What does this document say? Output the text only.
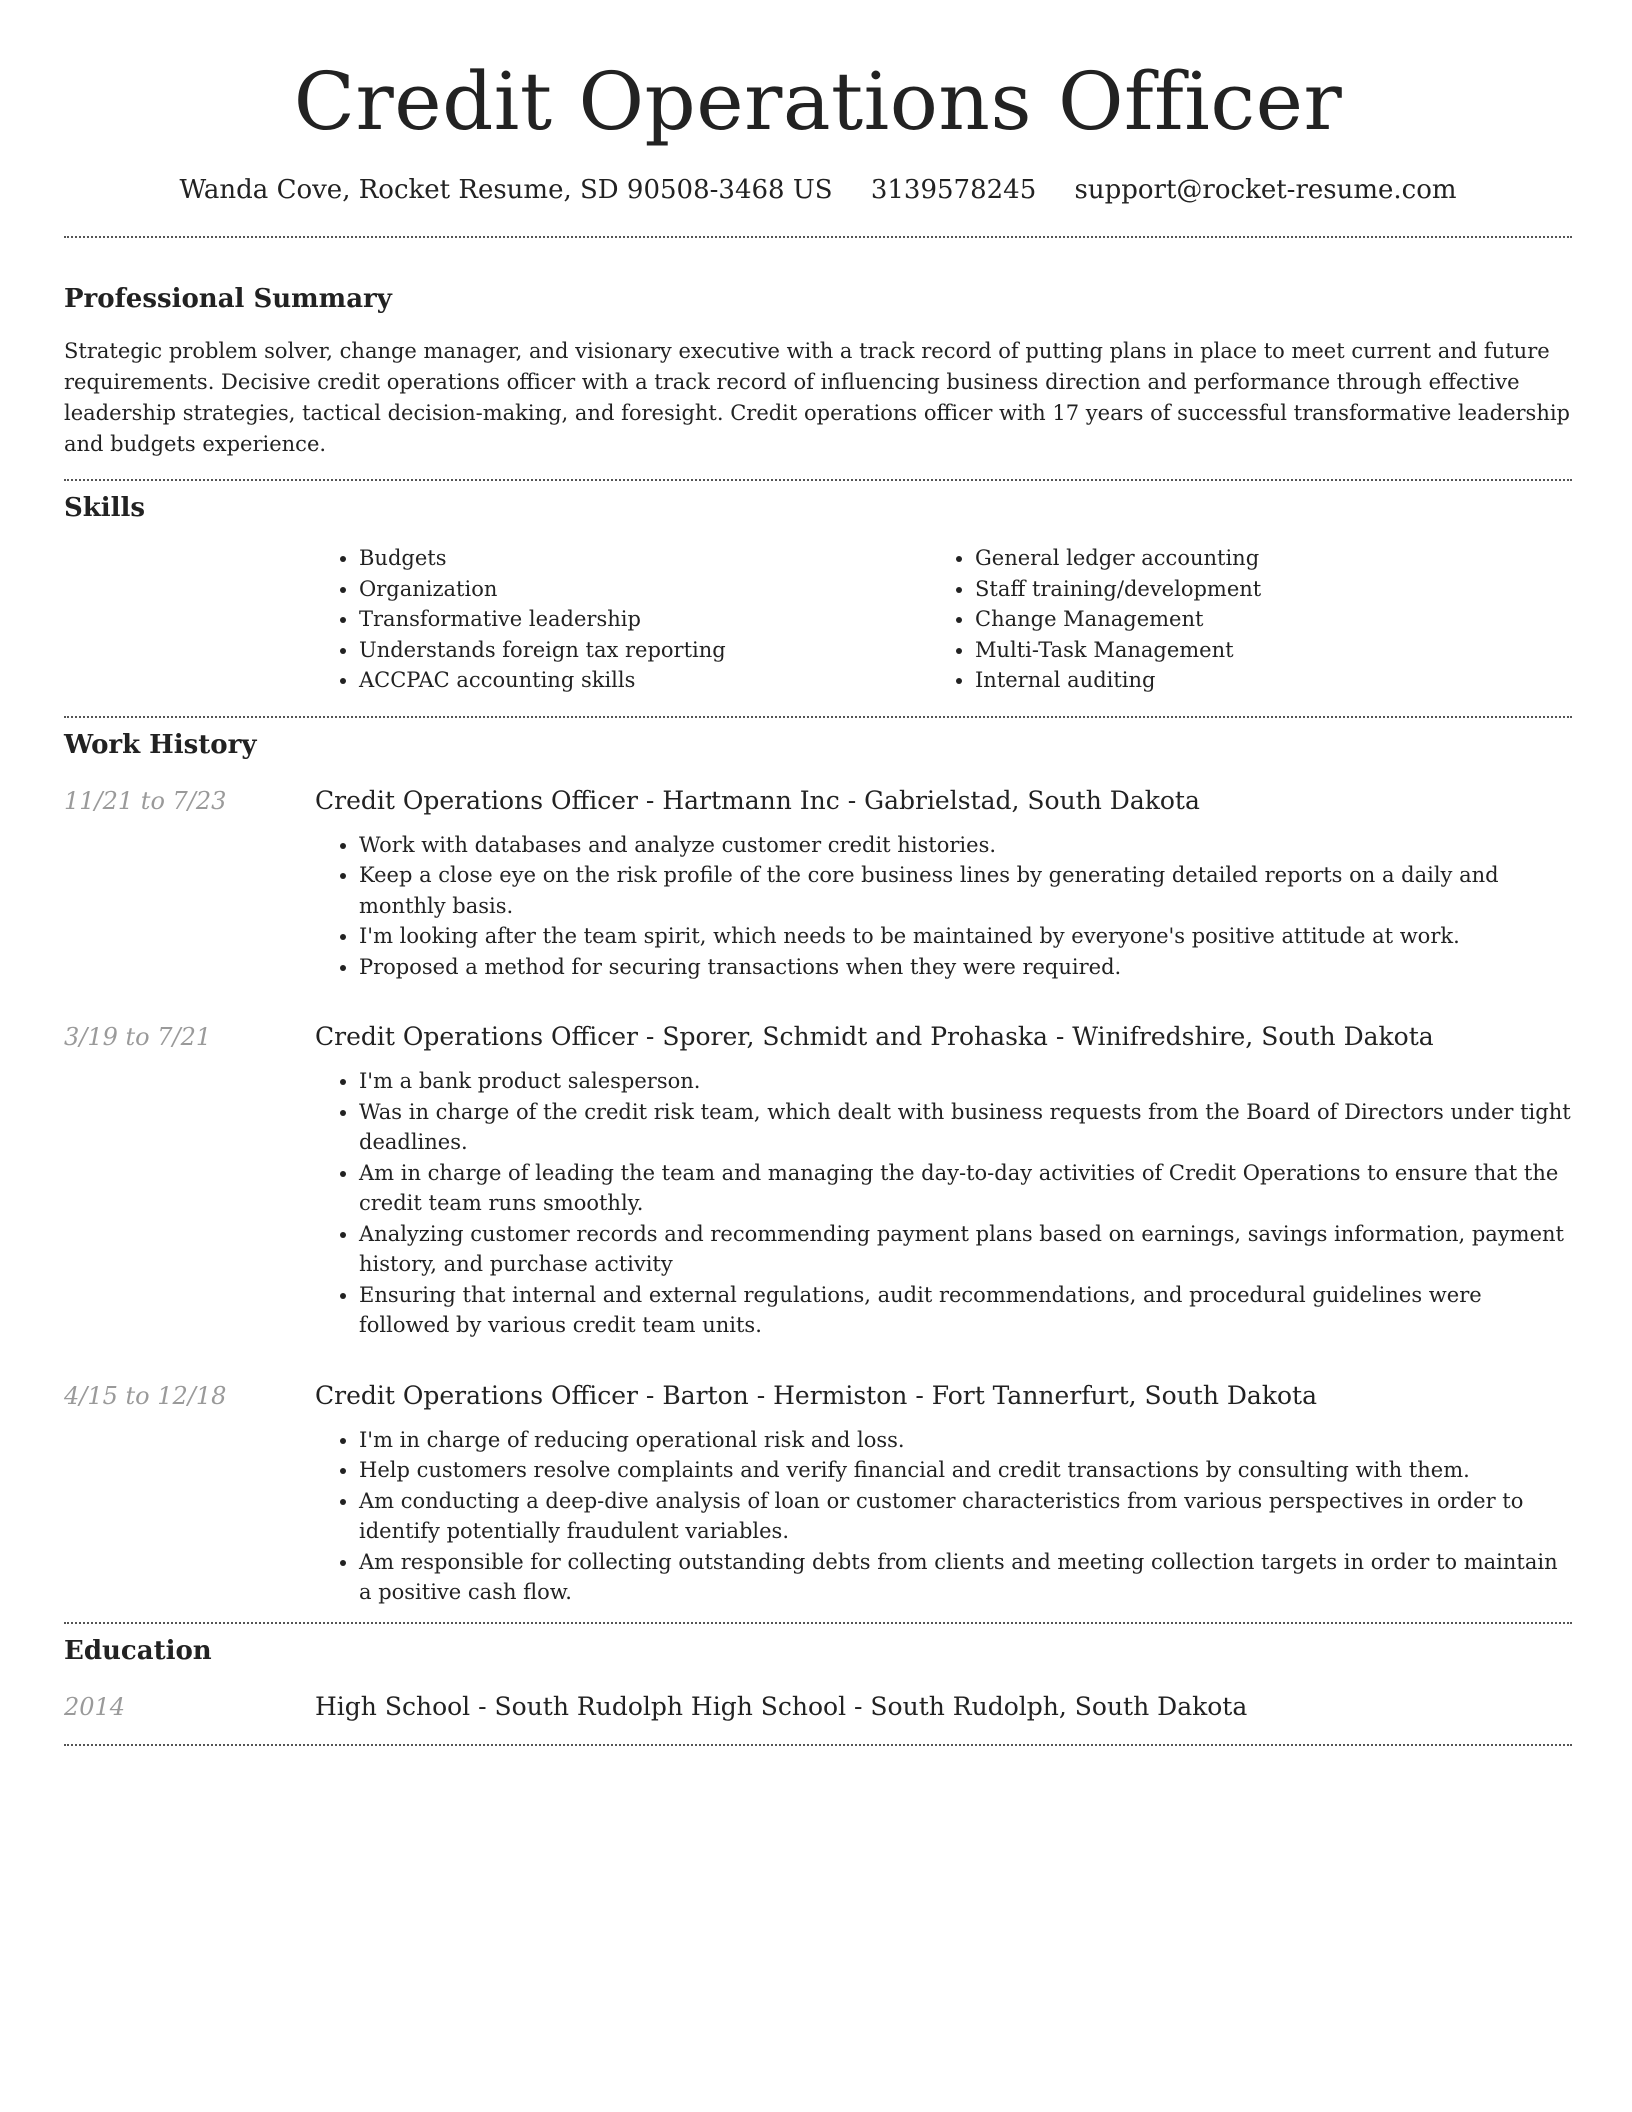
Credit Operations Officer
Wanda Cove, Rocket Resume, SD 90508-3468 US 3139578245 support@rocket-resume.com
Professional Summary

Strategic problem solver, change manager, and visionary executive with a track record of putting plans in place to meet current and future requirements. Decisive credit operations officer with a track record of influencing business direction and performance through effective leadership strategies, tactical decision-making, and foresight. Credit operations officer with 17 years of successful transformative leadership and budgets experience.

Skills
• Budgets
• Organization
• Transformative leadership
• Understands foreign tax reporting
• ACCPAC accounting skills
• General ledger accounting
• Staff training/development
• Change Management
• Multi-Task Management
• Internal auditing
Work History
11/21 to 7/23	Credit Operations Officer - Hartmann Inc - Gabrielstad, South Dakota
• Work with databases and analyze customer credit histories.
• Keep a close eye on the risk profile of the core business lines by generating detailed reports on a daily and monthly basis.
• I'm looking after the team spirit, which needs to be maintained by everyone's positive attitude at work.
• Proposed a method for securing transactions when they were required.
3/19 to 7/21	Credit Operations Officer - Sporer, Schmidt and Prohaska - Winifredshire, South Dakota
• I'm a bank product salesperson.
• Was in charge of the credit risk team, which dealt with business requests from the Board of Directors under tight deadlines.
• Am in charge of leading the team and managing the day-to-day activities of Credit Operations to ensure that the credit team runs smoothly.
• Analyzing customer records and recommending payment plans based on earnings, savings information, payment history, and purchase activity
• Ensuring that internal and external regulations, audit recommendations, and procedural guidelines were followed by various credit team units.
4/15 to 12/18	Credit Operations Officer - Barton - Hermiston - Fort Tannerfurt, South Dakota
• I'm in charge of reducing operational risk and loss.
• Help customers resolve complaints and verify financial and credit transactions by consulting with them.
• Am conducting a deep-dive analysis of loan or customer characteristics from various perspectives in order to identify potentially fraudulent variables.
• Am responsible for collecting outstanding debts from clients and meeting collection targets in order to maintain a positive cash flow.
Education
2014	High School - South Rudolph High School - South Rudolph, South Dakota
